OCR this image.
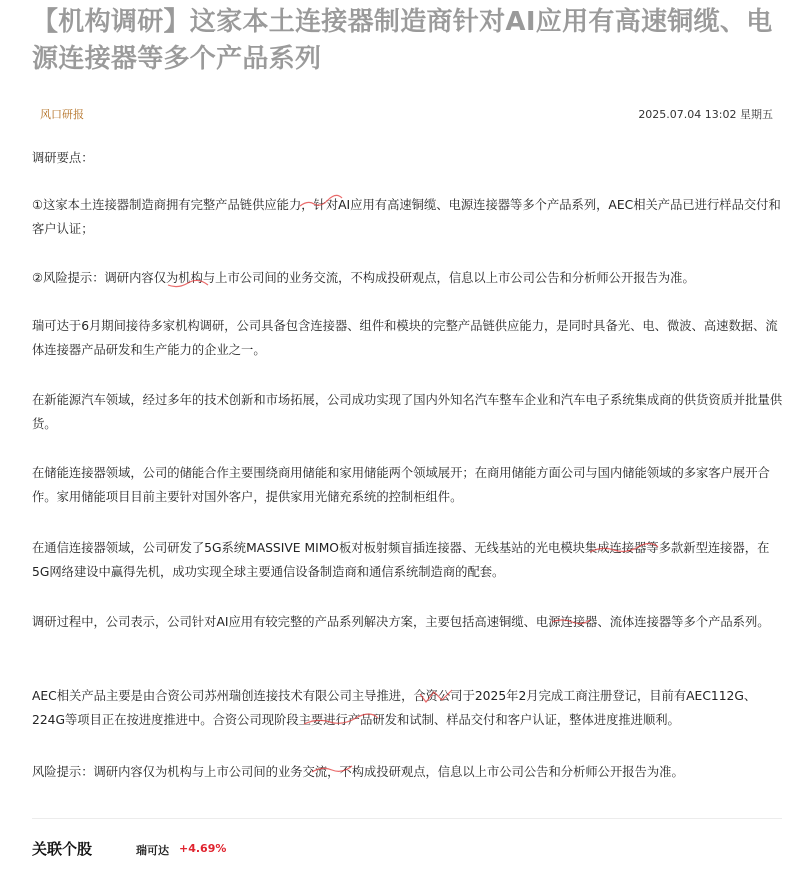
【机构调研】这家本土连接器制造商针对AI应用有高速铜缆、电源连接器等多个产品系列
风口研报	2025.07.04 13:02 星期五

调研要点：

①这家本土连接器制造商拥有完整产品链供应能力，针对AI应用有高速铜缆、电源连接器等多个产品系列，AEC相关产品已进行样品交付和客户认证；

②风险提示：调研内容仅为机构与上市公司间的业务交流，不构成投研观点，信息以上市公司公告和分析师公开报告为准。

瑞可达于6月期间接待多家机构调研，公司具备包含连接器、组件和模块的完整产品链供应能力，是同时具备光、电、微波、高速数据、流体连接器产品研发和生产能力的企业之一。

在新能源汽车领域，经过多年的技术创新和市场拓展，公司成功实现了国内外知名汽车整车企业和汽车电子系统集成商的供货资质并批量供货。

在储能连接器领域，公司的储能合作主要围绕商用储能和家用储能两个领域展开；在商用储能方面公司与国内储能领域的多家客户展开合作。家用储能项目目前主要针对国外客户，提供家用光储充系统的控制柜组件。

在通信连接器领域，公司研发了5G系统MASSIVE MIMO板对板射频盲插连接器、无线基站的光电模块集成连接器等多款新型连接器，在5G网络建设中赢得先机，成功实现全球主要通信设备制造商和通信系统制造商的配套。

调研过程中，公司表示，公司针对AI应用有较完整的产品系列解决方案，主要包括高速铜缆、电源连接器、流体连接器等多个产品系列。

AEC相关产品主要是由合资公司苏州瑞创连接技术有限公司主导推进，合资公司于2025年2月完成工商注册登记，目前有AEC112G、224G等项目正在按进度推进中。合资公司现阶段主要进行产品研发和试制、样品交付和客户认证，整体进度推进顺利。

风险提示：调研内容仅为机构与上市公司间的业务交流，不构成投研观点，信息以上市公司公告和分析师公开报告为准。

关联个股	瑞可达 +4.69%
